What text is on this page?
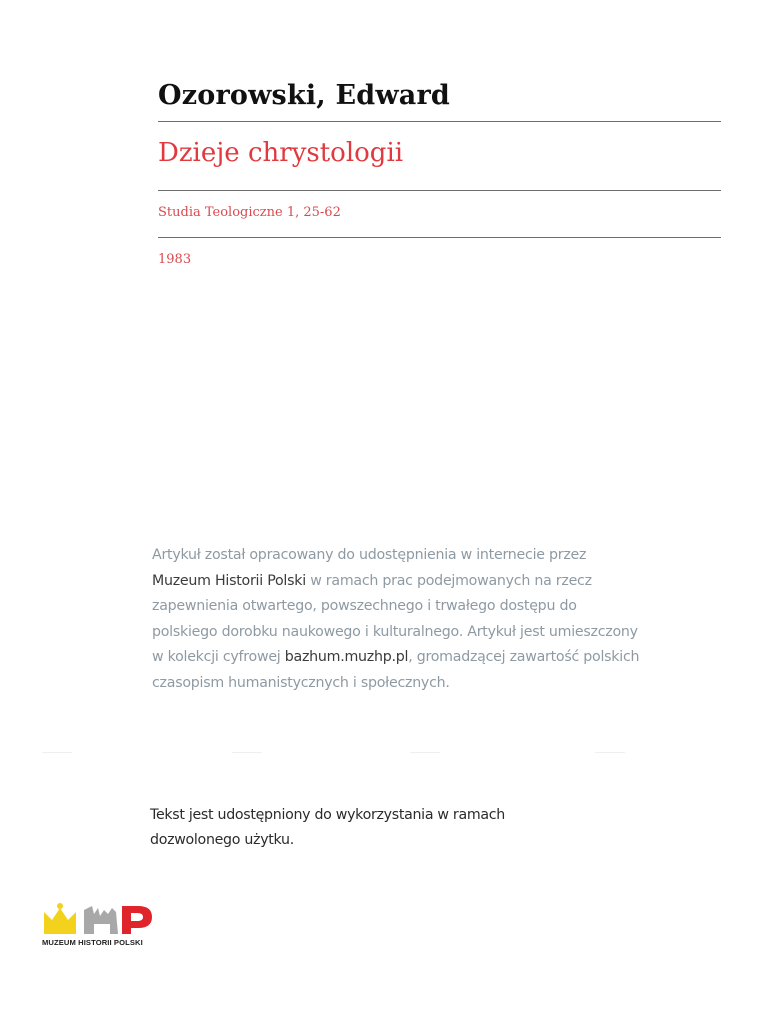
Ozorowski, Edward
Dzieje chrystologii
Studia Teologiczne 1, 25-62
1983
Artykuł został opracowany do udostępnienia w internecie przez
Muzeum Historii Polski w ramach prac podejmowanych na rzecz
zapewnienia otwartego, powszechnego i trwałego dostępu do
polskiego dorobku naukowego i kulturalnego. Artykuł jest umieszczony
w kolekcji cyfrowej bazhum.muzhp.pl, gromadzącej zawartość polskich
czasopism humanistycznych i społecznych.
Tekst jest udostępniony do wykorzystania w ramach
dozwolonego użytku.
MUZEUM HISTORII POLSKI
